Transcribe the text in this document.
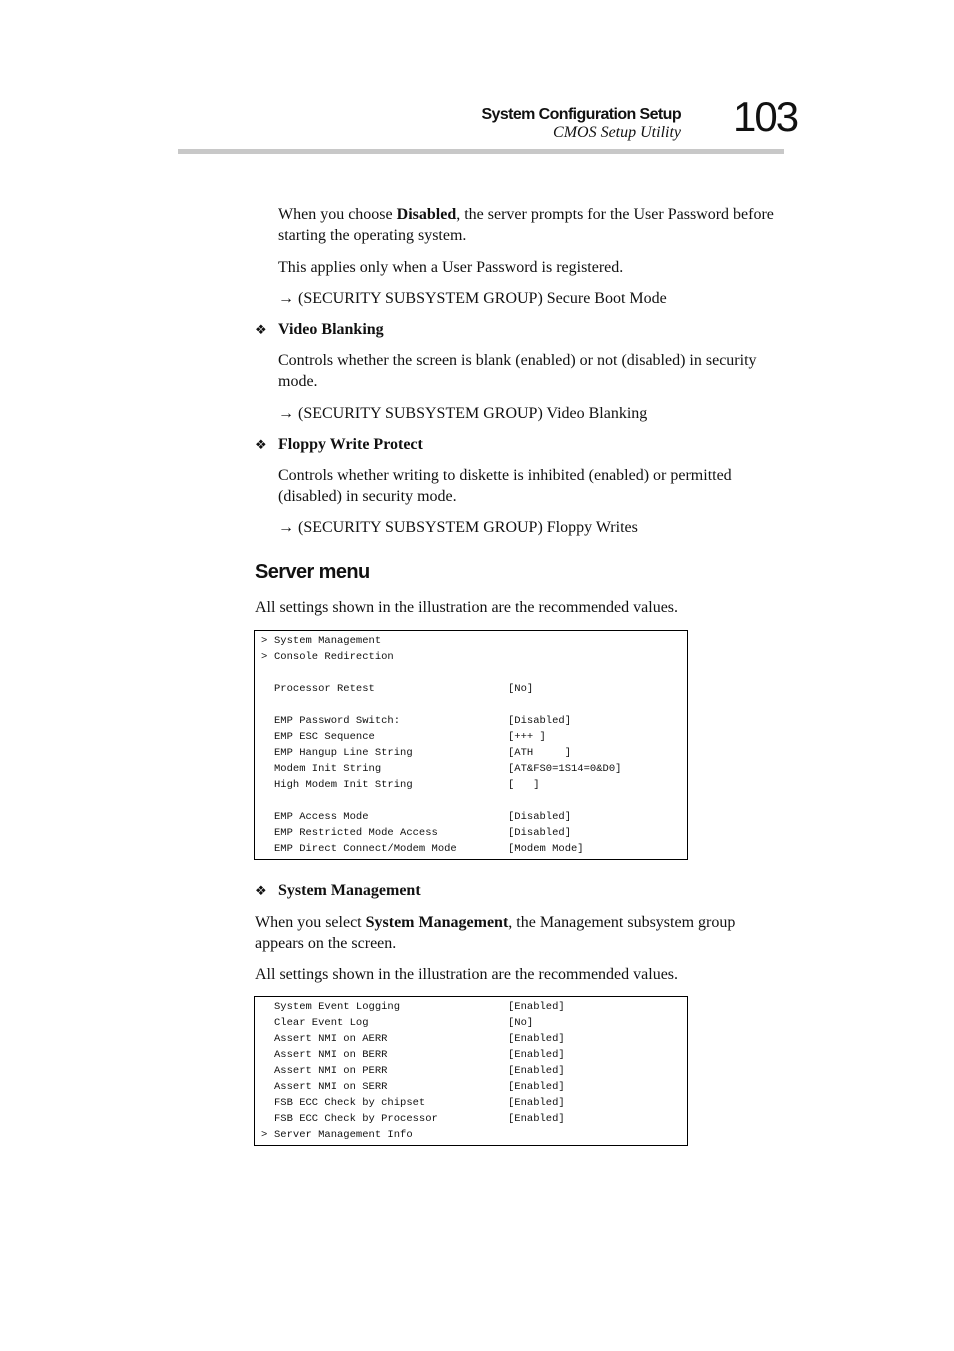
System Configuration Setup
CMOS Setup Utility 103
When you choose Disabled, the server prompts for the User Password before starting the operating system.
This applies only when a User Password is registered.
→ (SECURITY SUBSYSTEM GROUP) Secure Boot Mode
❖ Video Blanking
Controls whether the screen is blank (enabled) or not (disabled) in security mode.
→ (SECURITY SUBSYSTEM GROUP) Video Blanking
❖ Floppy Write Protect
Controls whether writing to diskette is inhibited (enabled) or permitted (disabled) in security mode.
→ (SECURITY SUBSYSTEM GROUP) Floppy Writes
Server menu
All settings shown in the illustration are the recommended values.
> System Management
> Console Redirection
Processor Retest	[No]
EMP Password Switch:	[Disabled]
EMP ESC Sequence	[+++ ]
EMP Hangup Line String	[ATH     ]
Modem Init String	[AT&FS0=1S14=0&D0]
High Modem Init String	[   ]
EMP Access Mode	[Disabled]
EMP Restricted Mode Access	[Disabled]
EMP Direct Connect/Modem Mode	[Modem Mode]
❖ System Management
When you select System Management, the Management subsystem group appears on the screen.
All settings shown in the illustration are the recommended values.
System Event Logging	[Enabled]
Clear Event Log	[No]
Assert NMI on AERR	[Enabled]
Assert NMI on BERR	[Enabled]
Assert NMI on PERR	[Enabled]
Assert NMI on SERR	[Enabled]
FSB ECC Check by chipset	[Enabled]
FSB ECC Check by Processor	[Enabled]
> Server Management Info
